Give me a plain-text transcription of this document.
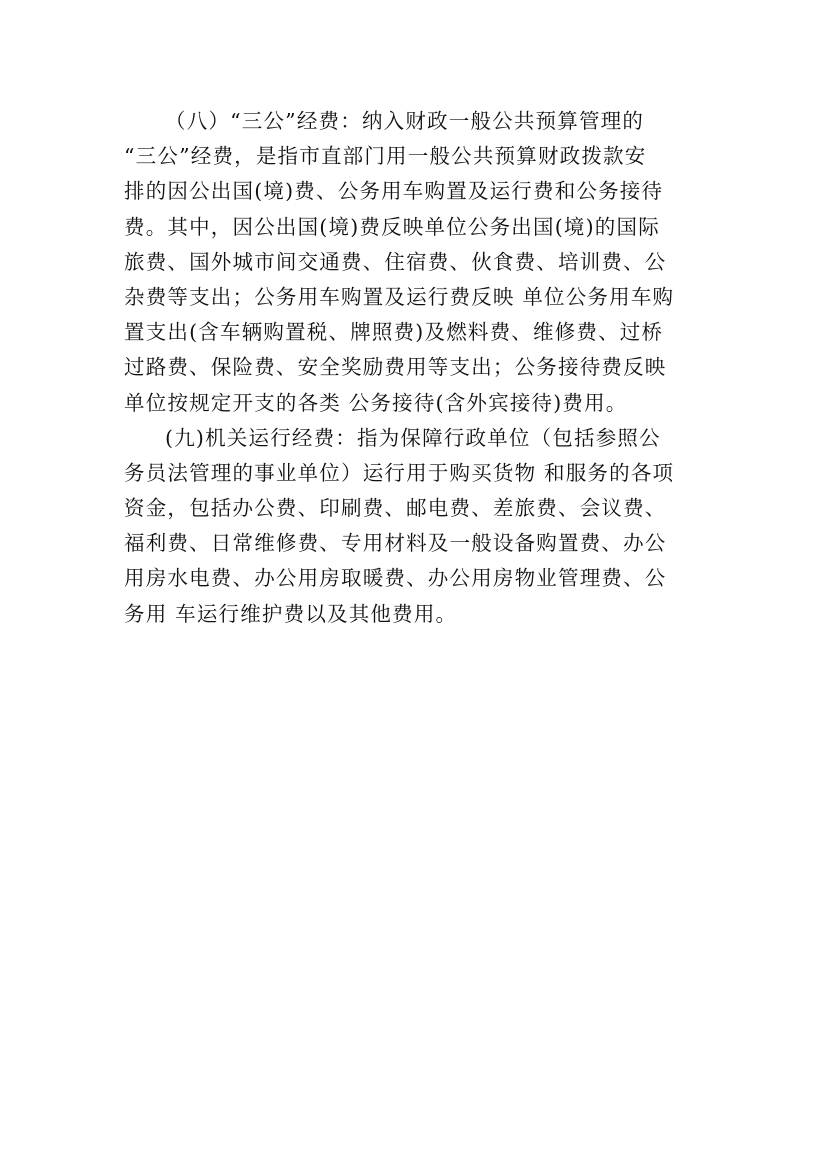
（八）“三公”经费：纳入财政一般公共预算管理的
“三公”经费，是指市直部门用一般公共预算财政拨款安
排的因公出国(境)费、公务用车购置及运行费和公务接待
费。其中，因公出国(境)费反映单位公务出国(境)的国际
旅费、国外城市间交通费、住宿费、伙食费、培训费、公
杂费等支出；公务用车购置及运行费反映 单位公务用车购
置支出(含车辆购置税、牌照费)及燃料费、维修费、过桥
过路费、保险费、安全奖励费用等支出；公务接待费反映
单位按规定开支的各类 公务接待(含外宾接待)费用。
(九)机关运行经费：指为保障行政单位（包括参照公
务员法管理的事业单位）运行用于购买货物 和服务的各项
资金，包括办公费、印刷费、邮电费、差旅费、会议费、
福利费、日常维修费、专用材料及一般设备购置费、办公
用房水电费、办公用房取暖费、办公用房物业管理费、公
务用 车运行维护费以及其他费用。
